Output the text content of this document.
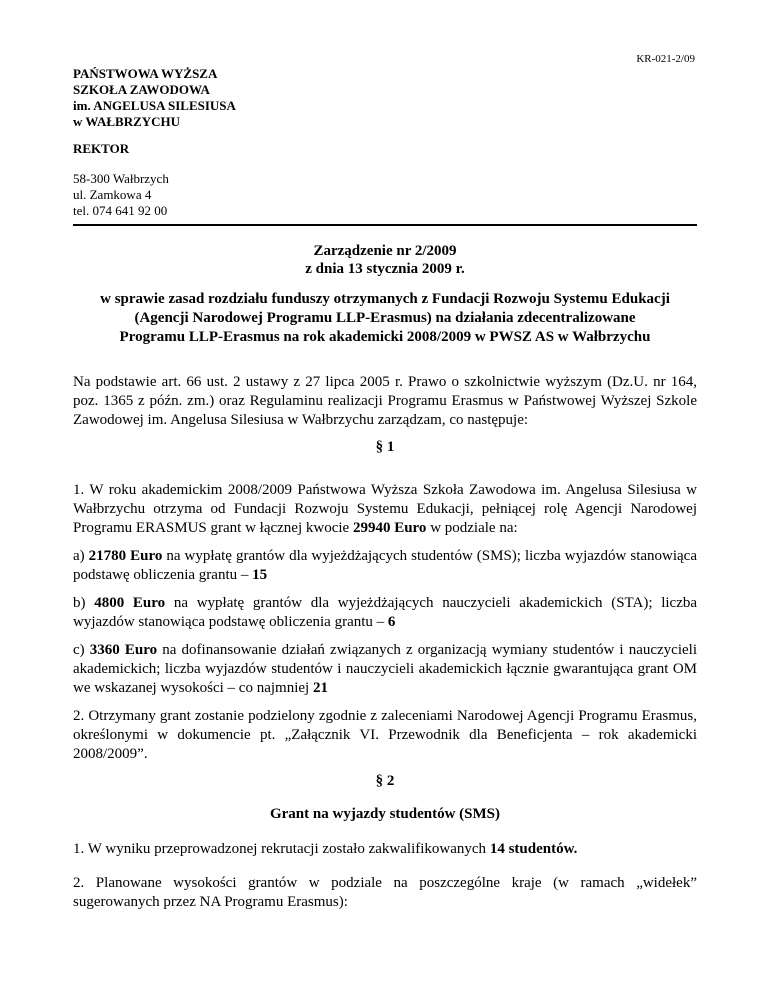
KR-021-2/09
PAŃSTWOWA WYŻSZA
SZKOŁA ZAWODOWA
im. ANGELUSA SILESIUSA
w WAŁBRZYCHU
REKTOR
58-300 Wałbrzych
ul. Zamkowa 4
tel. 074 641 92 00
Zarządzenie nr 2/2009
z dnia 13 stycznia 2009 r.
w sprawie zasad rozdziału funduszy otrzymanych z Fundacji Rozwoju Systemu Edukacji
(Agencji Narodowej Programu LLP-Erasmus) na działania zdecentralizowane
Programu LLP-Erasmus na rok akademicki 2008/2009 w PWSZ AS w Wałbrzychu
Na podstawie art. 66 ust. 2 ustawy z 27 lipca 2005 r. Prawo o szkolnictwie wyższym (Dz.U. nr 164, poz. 1365 z późn. zm.) oraz Regulaminu realizacji Programu Erasmus w Państwowej Wyższej Szkole Zawodowej im. Angelusa Silesiusa w Wałbrzychu zarządzam, co następuje:
§ 1
1. W roku akademickim 2008/2009 Państwowa Wyższa Szkoła Zawodowa im. Angelusa Silesiusa w Wałbrzychu otrzyma od Fundacji Rozwoju Systemu Edukacji, pełniącej rolę Agencji Narodowej Programu ERASMUS grant w łącznej kwocie 29940 Euro w podziale na:
a) 21780 Euro na wypłatę grantów dla wyjeżdżających studentów (SMS); liczba wyjazdów stanowiąca podstawę obliczenia grantu – 15
b) 4800 Euro na wypłatę grantów dla wyjeżdżających nauczycieli akademickich (STA); liczba wyjazdów stanowiąca podstawę obliczenia grantu – 6
c) 3360 Euro na dofinansowanie działań związanych z organizacją wymiany studentów i nauczycieli akademickich; liczba wyjazdów studentów i nauczycieli akademickich łącznie gwarantująca grant OM we wskazanej wysokości – co najmniej 21
2. Otrzymany grant zostanie podzielony zgodnie z zaleceniami Narodowej Agencji Programu Erasmus, określonymi w dokumencie pt. „Załącznik VI. Przewodnik dla Beneficjenta – rok akademicki 2008/2009”.
§ 2
Grant na wyjazdy studentów (SMS)
1. W wyniku przeprowadzonej rekrutacji zostało zakwalifikowanych 14 studentów.
2. Planowane wysokości grantów w podziale na poszczególne kraje (w ramach „widełek” sugerowanych przez NA Programu Erasmus):
